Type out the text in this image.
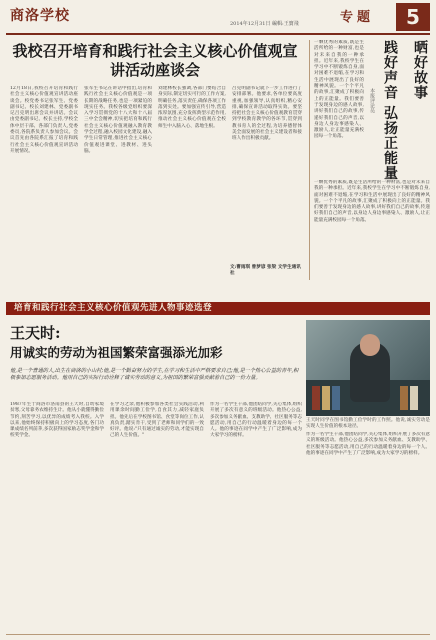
商洛学校	2014年12月31日 編輯:王寶飛	专题	5
我校召开培育和践行社会主义核心价值观宣讲活动座谈会
12月18日,我校召开培育和践行社会主义核心价值观宣讲活动座谈会。校党委书记张军生、党委副书记、校长刘建林、党委副书记吕克明出席会议并讲话。会议由党委副书记、校长主持,学校全体中层干部、各部门负责人,党委委员,各院系负责人参加会议。会议首先由各院系汇报了培育和践行社会主义核心价值观宣讲活动开展情况。
张军生书记在讲话中指出,培育和践行社会主义核心价值观是一项长期的战略任务,也是一项紧迫的现实任务。我校各级党组织要深入学习贯彻党的十八大和十八届三中全会精神,切实把培育和践行社会主义核心价值观融入教育教学全过程,融入校园文化建设,融入学生日常管理,推进社会主义核心价值观进课堂、进教材、进头脑。
刘建林校长强调,各部门要结合自身实际,制定切实可行的工作方案,明确任务,落实责任,确保各项工作落到实处。要加强宣传引导,营造浓厚氛围,充分发挥典型示范作用,推动社会主义核心价值观在全校师生中入脑入心、落地生根。
吕克明副书记就下一步工作进行了安排部署。他要求,各单位要高度重视,加强领导,认真组织,精心安排,确保宣讲活动取得实效。要坚持把社会主义核心价值观教育贯穿到学校教育教学的各环节,贯穿到教书育人的全过程,为培养德智体美全面发展的社会主义建设者和接班人作出积极贡献。
文:曹雨琪 曾梦谚 张梁 文学生通讯社
晒好故事
践好声音 弘扬正能量
本报评论员
一颗优秀的素质,既是生活所给的一种财富,也是对未来自我的一种承担。近年来,我校学生在学习中不断锻炼自身,面对困难不退缩,在学习和生活中展现出了良好的精神风貌。一个个平凡的故事,汇聚成了积极向上的正能量。我们要善于发现身边的感人故事,讲好我们自己的故事,传递好我们自己的声音,以身边人身边事感染人、激励人,让正能量充满校园每一个角落。
一颗优秀的素质,既是生活所给的一种财富,也是对未来自我的一种承担。近年来,我校学生在学习中不断锻炼自身,面对困难不退缩,在学习和生活中展现出了良好的精神风貌。一个个平凡的故事,汇聚成了积极向上的正能量。我们要善于发现身边的感人故事,讲好我们自己的故事,传递好我们自己的声音,以身边人身边事感染人、激励人,让正能量充满校园每一个角落。
培育和践行社会主义核心价值观先进人物事迹选登
王天时:
用诚实的劳动为祖国繁荣富强添光加彩
他,是一个普通的人,出生在商洛的小山村;他,是一个勤奋努力的学生,在学习和生活中严格要求自己;他,是一个热心公益的青年,积极参加志愿服务活动。他用自己的实际行动诠释了诚实劳动的意义,为祖国的繁荣富强贡献着自己的一份力量。
1987年生于商洛市洛南县的王天时,自幼家境贫寒,父母靠务农维持生计。他从小就懂得勤俭节约,刻苦学习,以优异的成绩考入我校。入学以来,他始终保持积极向上的学习态度,各门功课成绩名列前茅,多次获得国家励志奖学金和学校奖学金。
在学习之余,他积极参加各类社会实践活动,利用课余时间勤工俭学,自食其力,减轻家庭负担。他先后在学校图书馆、食堂等岗位工作,认真负责,踏实肯干,受到了老师和同学们的一致好评。他说:"只有通过诚实的劳动,才能实现自己的人生价值。"
作为一名学生干部,他团结同学,关心集体,组织开展了多次有意义的班级活动。他热心公益,多次参加义务献血、支教助学、社区服务等志愿活动,用自己的行动温暖着身边的每一个人。他的事迹在同学中产生了广泛影响,成为大家学习的榜样。
王天时同学在图书馆勤工俭学时的工作照。他说,诚实劳动是实现人生价值的根本途径。
作为一名学生干部,他团结同学,关心集体,组织开展了多次有意义的班级活动。他热心公益,多次参加义务献血、支教助学、社区服务等志愿活动,用自己的行动温暖着身边的每一个人。他的事迹在同学中产生了广泛影响,成为大家学习的榜样。
